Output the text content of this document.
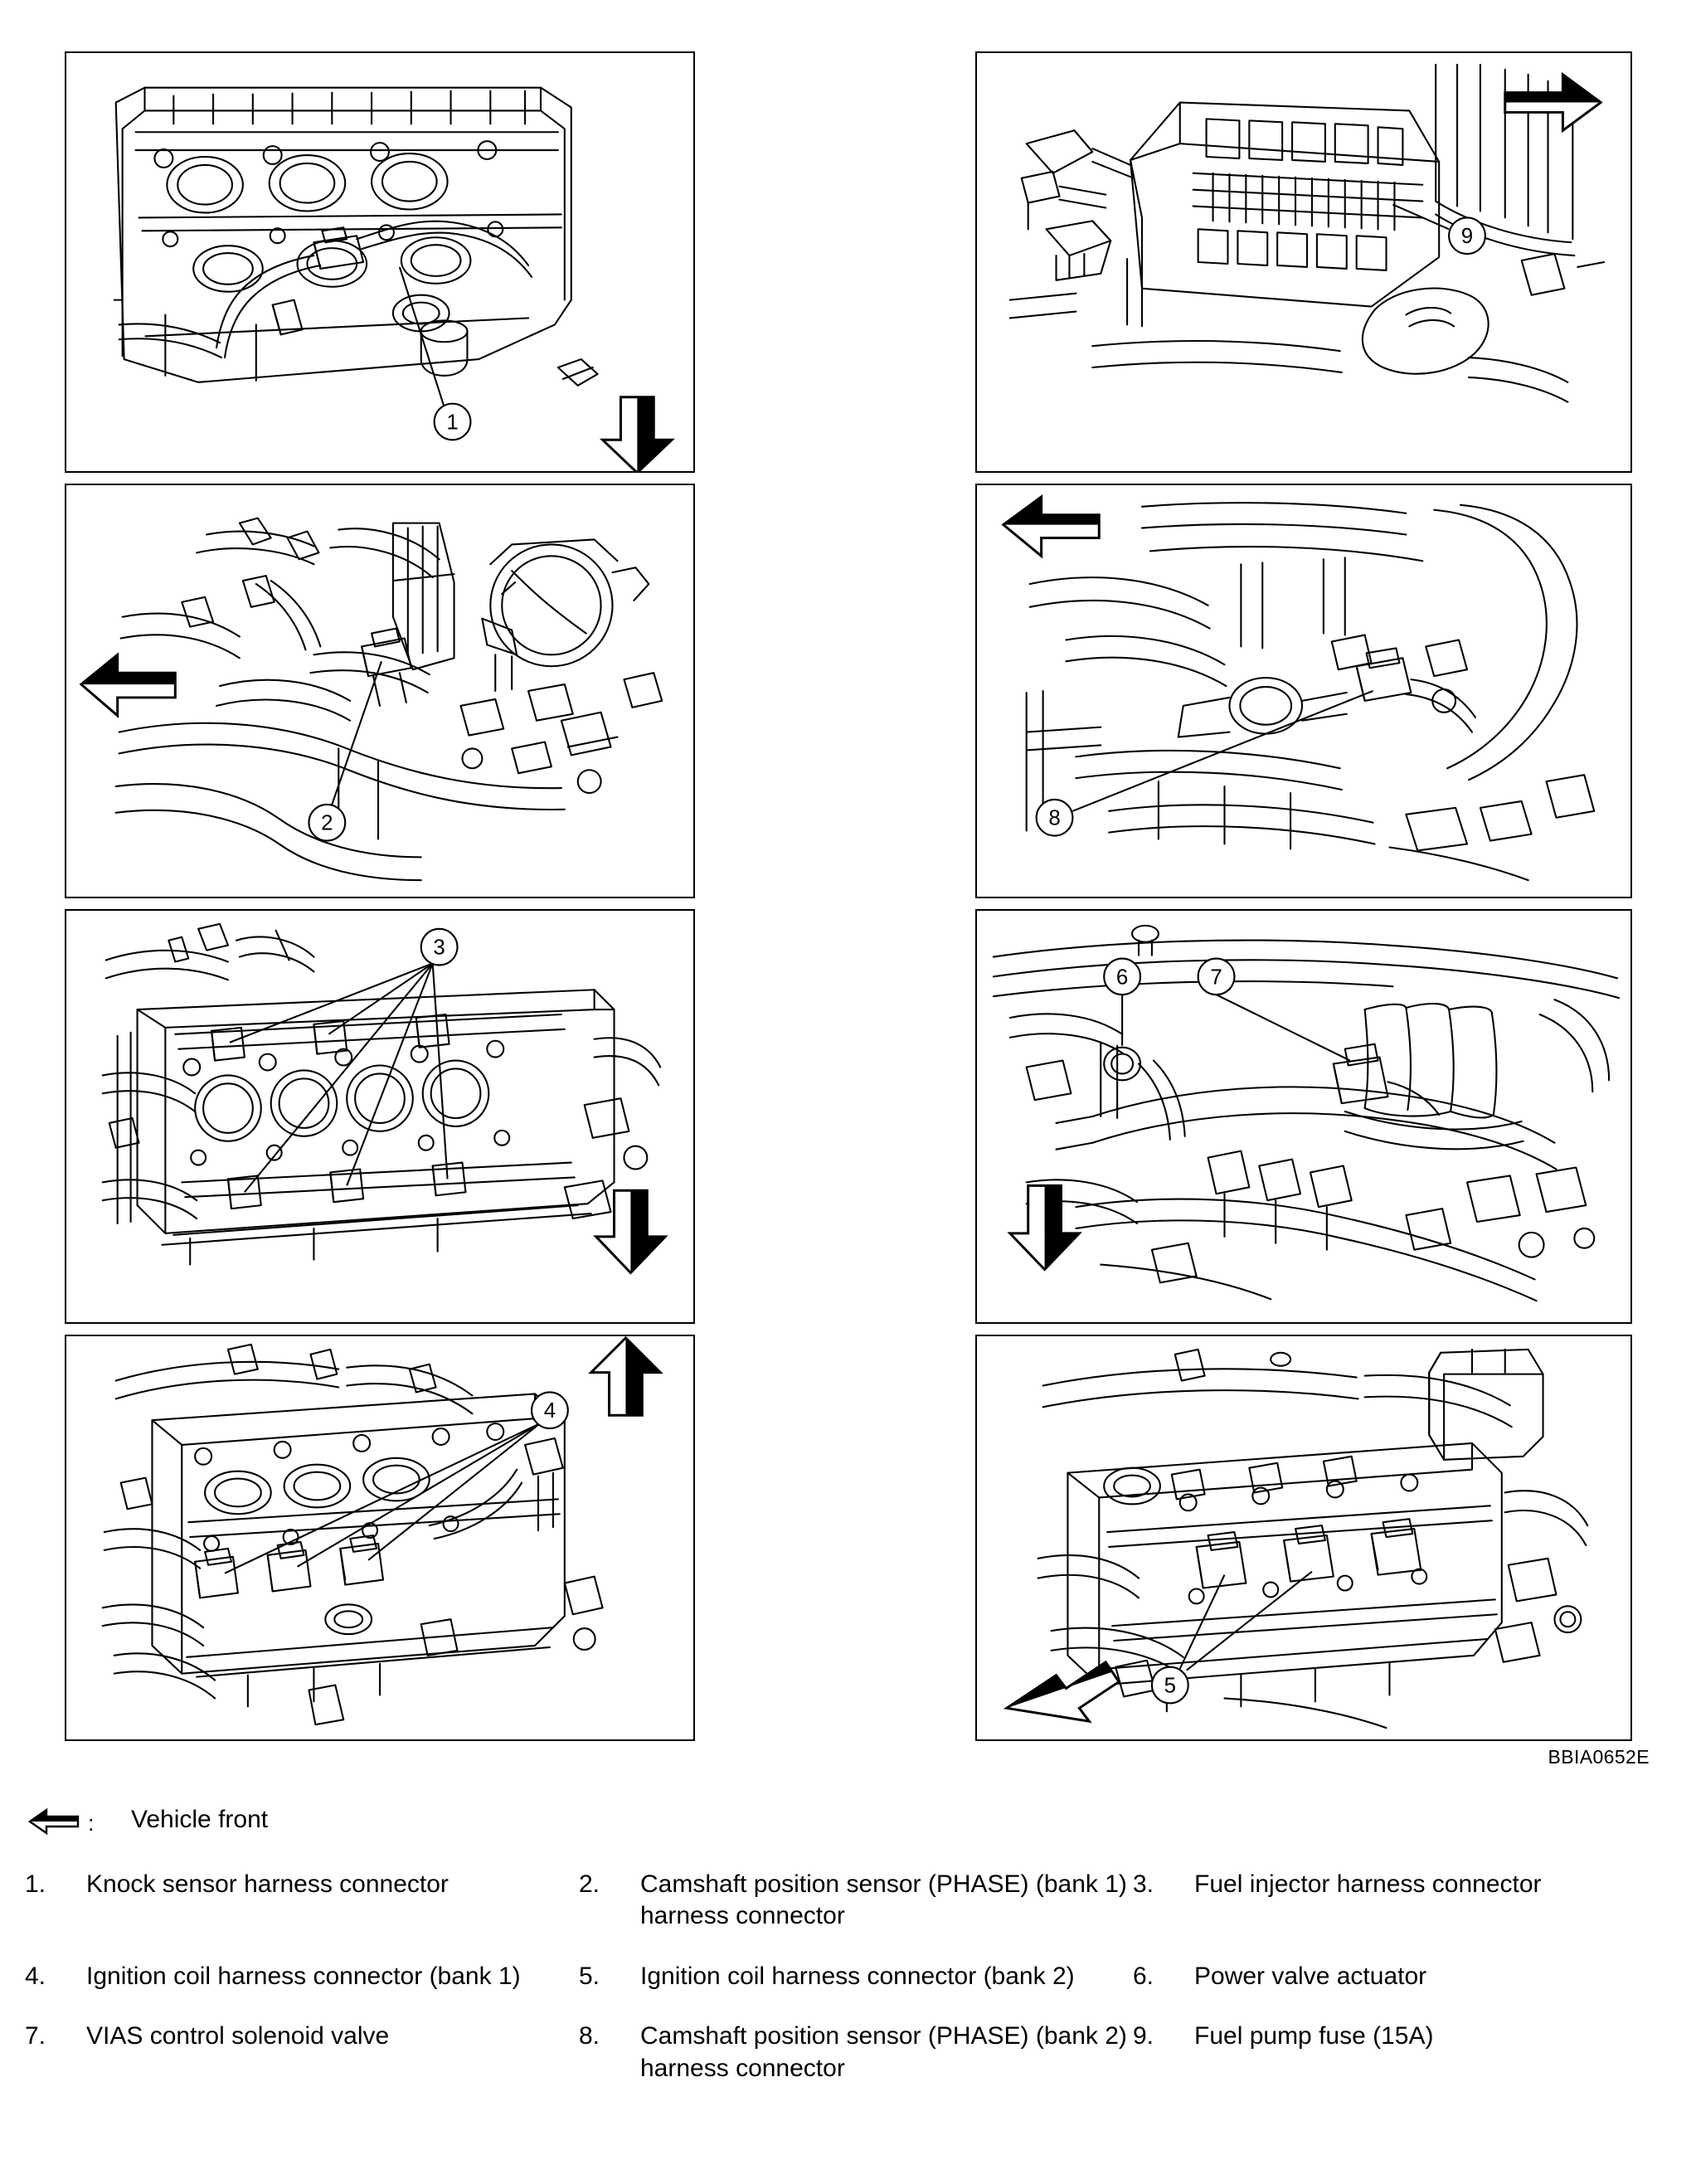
1
2
3
4
9
8
6	7
5
BBIA0652E
: Vehicle front
1.	Knock sensor harness connector	2.	Camshaft position sensor (PHASE) (bank 1) harness connector	3.	Fuel injector harness connector
4.	Ignition coil harness connector (bank 1)	5.	Ignition coil harness connector (bank 2)	6.	Power valve actuator
7.	VIAS control solenoid valve	8.	Camshaft position sensor (PHASE) (bank 2) harness connector	9.	Fuel pump fuse (15A)
